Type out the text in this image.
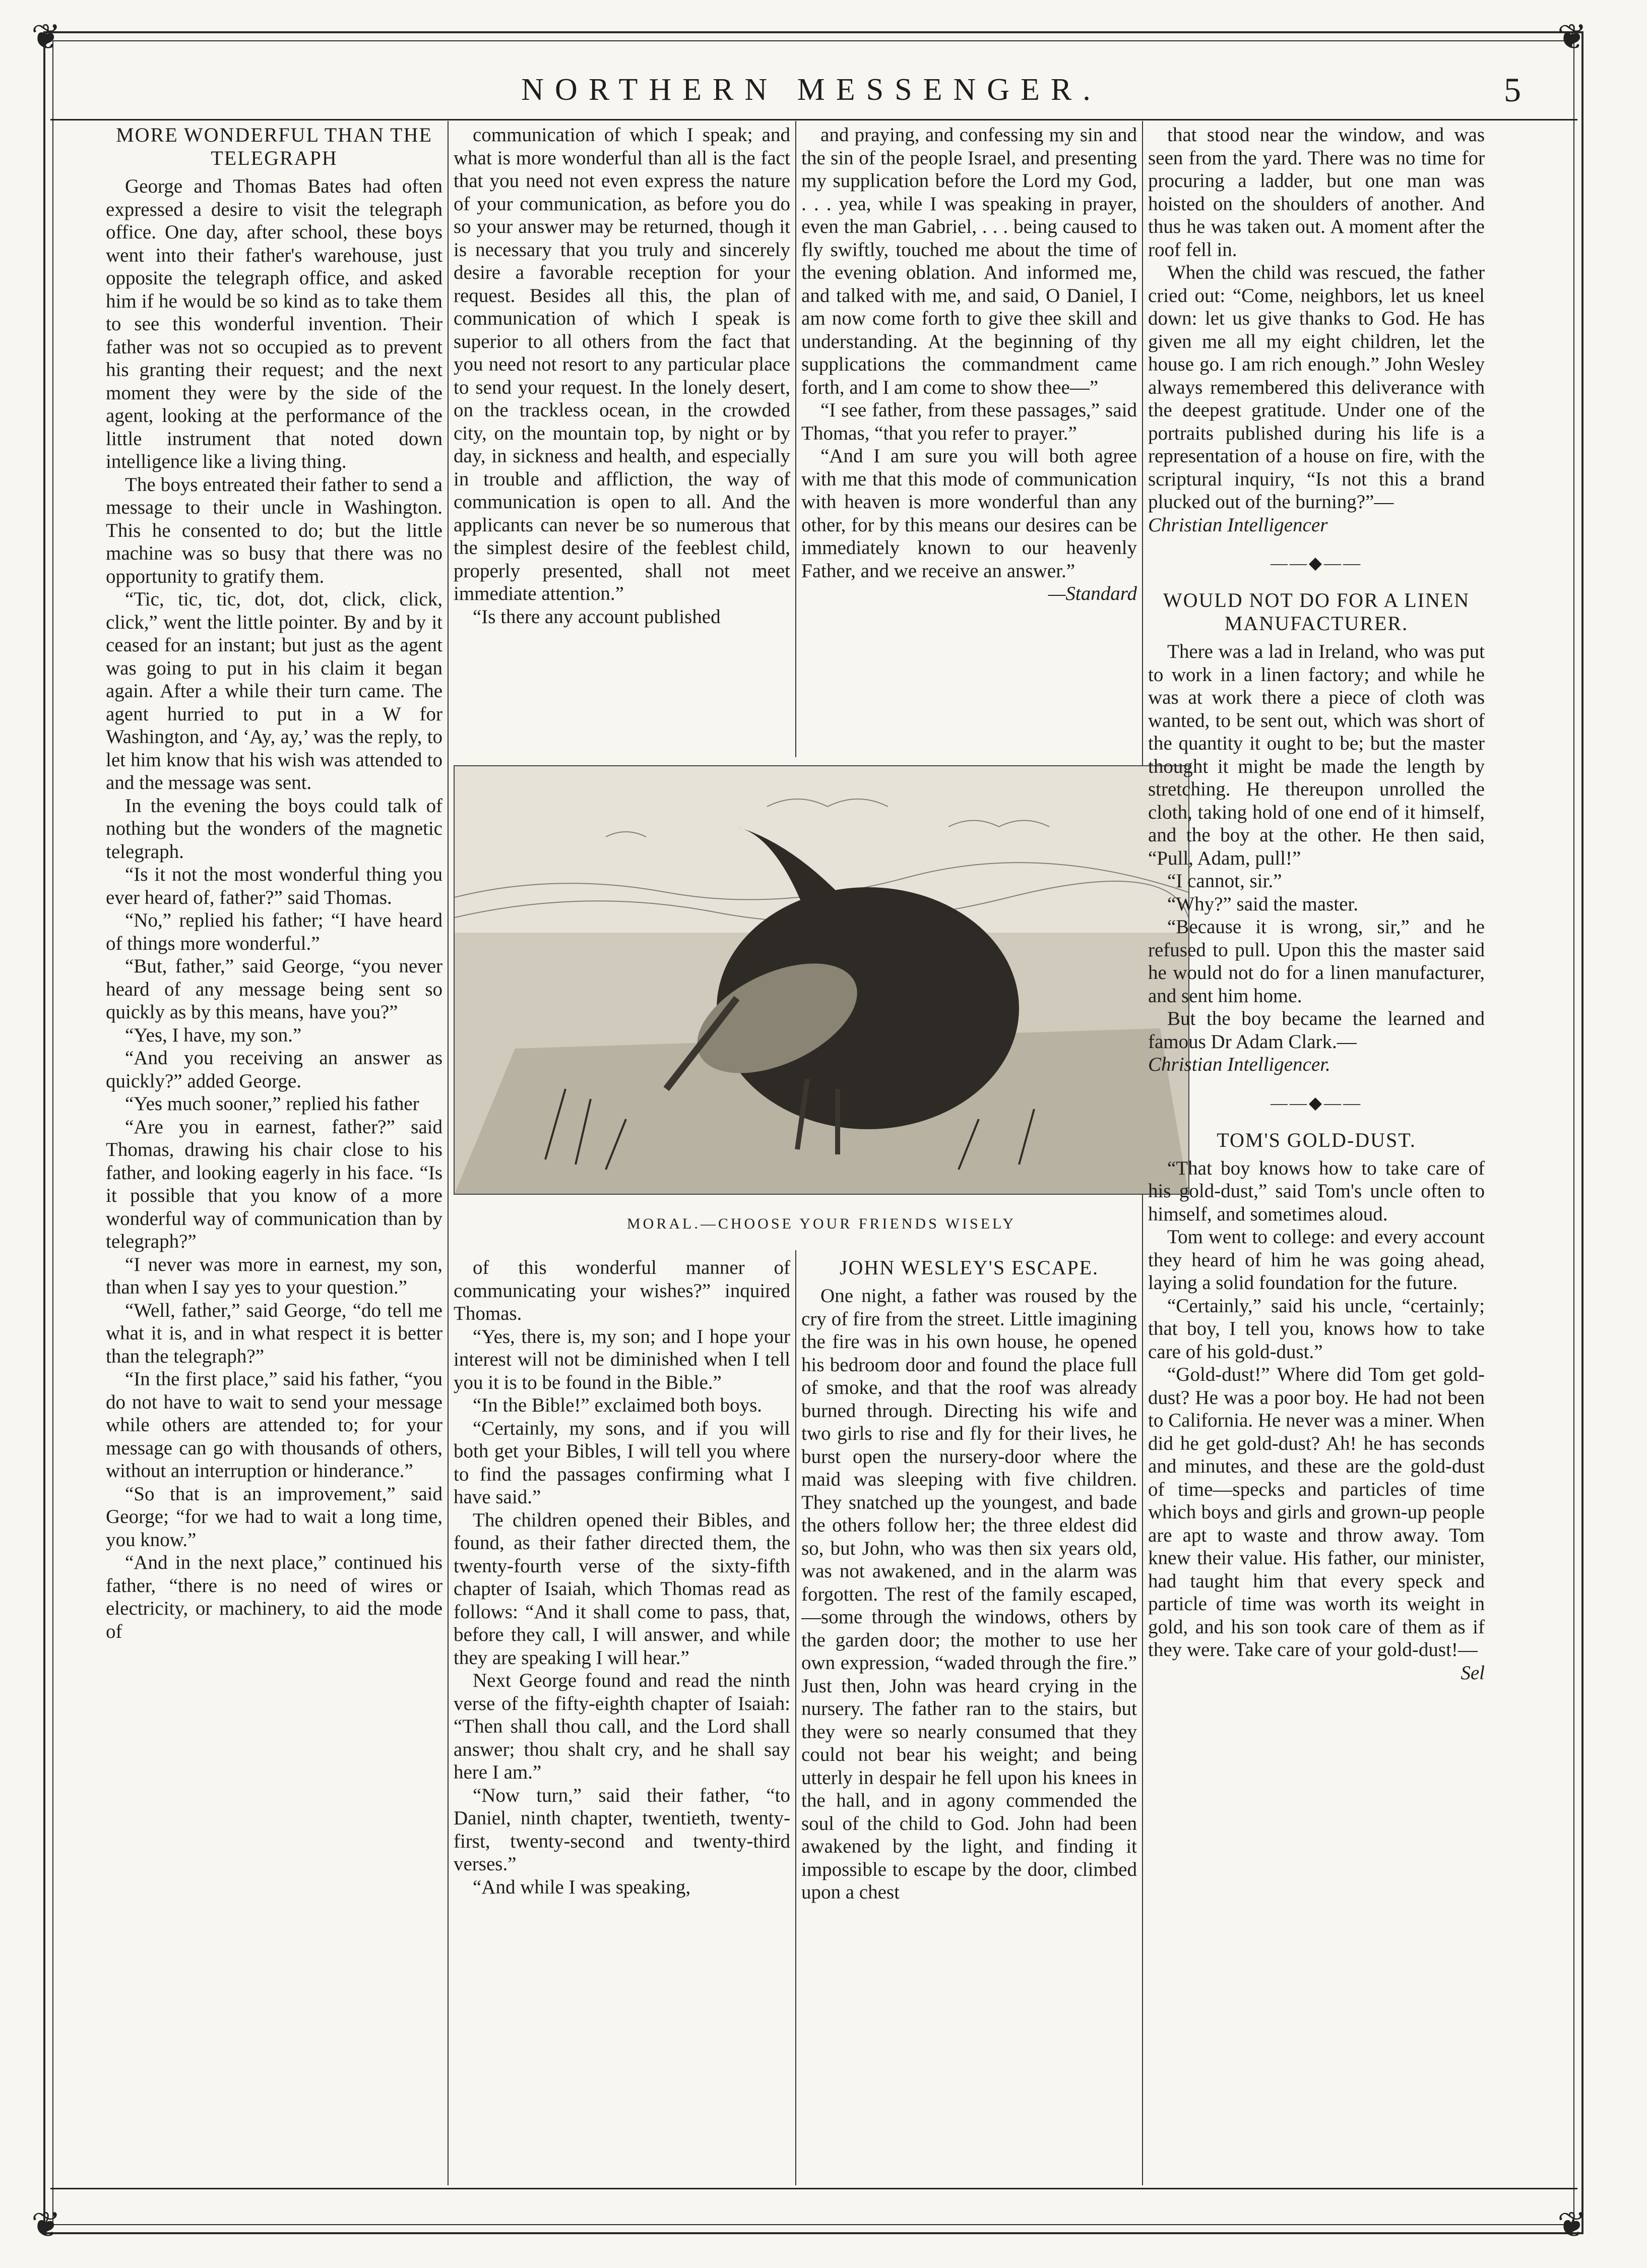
❦	❦
❦	❦
NORTHERN MESSENGER.	5
MORE WONDERFUL THAN THE TELEGRAPH

George and Thomas Bates had often expressed a desire to visit the telegraph office. One day, after school, these boys went into their father's warehouse, just opposite the telegraph office, and asked him if he would be so kind as to take them to see this wonderful invention. Their father was not so occupied as to prevent his granting their request; and the next moment they were by the side of the agent, looking at the performance of the little instrument that noted down intelligence like a living thing.

The boys entreated their father to send a message to their uncle in Washington. This he consented to do; but the little machine was so busy that there was no opportunity to gratify them.

“Tic, tic, tic, dot, dot, click, click, click,” went the little pointer. By and by it ceased for an instant; but just as the agent was going to put in his claim it began again. After a while their turn came. The agent hurried to put in a W for Washington, and ‘Ay, ay,’ was the reply, to let him know that his wish was attended to and the message was sent.

In the evening the boys could talk of nothing but the wonders of the magnetic telegraph.

“Is it not the most wonderful thing you ever heard of, father?” said Thomas.

“No,” replied his father; “I have heard of things more wonderful.”

“But, father,” said George, “you never heard of any message being sent so quickly as by this means, have you?”

“Yes, I have, my son.”

“And you receiving an answer as quickly?” added George.

“Yes much sooner,” replied his father

“Are you in earnest, father?” said Thomas, drawing his chair close to his father, and looking eagerly in his face. “Is it possible that you know of a more wonderful way of communication than by telegraph?”

“I never was more in earnest, my son, than when I say yes to your question.”

“Well, father,” said George, “do tell me what it is, and in what respect it is better than the telegraph?”

“In the first place,” said his father, “you do not have to wait to send your message while others are attended to; for your message can go with thousands of others, without an interruption or hinderance.”

“So that is an improvement,” said George; “for we had to wait a long time, you know.”

“And in the next place,” continued his father, “there is no need of wires or electricity, or machinery, to aid the mode of

communication of which I speak; and what is more wonderful than all is the fact that you need not even express the nature of your communication, as before you do so your answer may be returned, though it is necessary that you truly and sincerely desire a favorable reception for your request. Besides all this, the plan of communication of which I speak is superior to all others from the fact that you need not resort to any particular place to send your request. In the lonely desert, on the trackless ocean, in the crowded city, on the mountain top, by night or by day, in sickness and health, and especially in trouble and affliction, the way of communication is open to all. And the applicants can never be so numerous that the simplest desire of the feeblest child, properly presented, shall not meet immediate attention.”

“Is there any account published

and praying, and confessing my sin and the sin of the people Israel, and presenting my supplication before the Lord my God, . . . yea, while I was speaking in prayer, even the man Gabriel, . . . being caused to fly swiftly, touched me about the time of the evening oblation. And informed me, and talked with me, and said, O Daniel, I am now come forth to give thee skill and understanding. At the beginning of thy supplications the commandment came forth, and I am come to show thee—”

“I see father, from these passages,” said Thomas, “that you refer to prayer.”

“And I am sure you will both agree with me that this mode of communication with heaven is more wonderful than any other, for by this means our desires can be immediately known to our heavenly Father, and we receive an answer.”

—Standard

MORAL.—CHOOSE YOUR FRIENDS WISELY

of this wonderful manner of communicating your wishes?” inquired Thomas.

“Yes, there is, my son; and I hope your interest will not be diminished when I tell you it is to be found in the Bible.”

“In the Bible!” exclaimed both boys.

“Certainly, my sons, and if you will both get your Bibles, I will tell you where to find the passages confirming what I have said.”

The children opened their Bibles, and found, as their father directed them, the twenty-fourth verse of the sixty-fifth chapter of Isaiah, which Thomas read as follows: “And it shall come to pass, that, before they call, I will answer, and while they are speaking I will hear.”

Next George found and read the ninth verse of the fifty-eighth chapter of Isaiah: “Then shall thou call, and the Lord shall answer; thou shalt cry, and he shall say here I am.”

“Now turn,” said their father, “to Daniel, ninth chapter, twentieth, twenty-first, twenty-second and twenty-third verses.”

“And while I was speaking,

JOHN WESLEY'S ESCAPE.

One night, a father was roused by the cry of fire from the street. Little imagining the fire was in his own house, he opened his bedroom door and found the place full of smoke, and that the roof was already burned through. Directing his wife and two girls to rise and fly for their lives, he burst open the nursery-door where the maid was sleeping with five children. They snatched up the youngest, and bade the others follow her; the three eldest did so, but John, who was then six years old, was not awakened, and in the alarm was forgotten. The rest of the family escaped,—some through the windows, others by the garden door; the mother to use her own expression, “waded through the fire.” Just then, John was heard crying in the nursery. The father ran to the stairs, but they were so nearly consumed that they could not bear his weight; and being utterly in despair he fell upon his knees in the hall, and in agony commended the soul of the child to God. John had been awakened by the light, and finding it impossible to escape by the door, climbed upon a chest

that stood near the window, and was seen from the yard. There was no time for procuring a ladder, but one man was hoisted on the shoulders of another. And thus he was taken out. A moment after the roof fell in.

When the child was rescued, the father cried out: “Come, neighbors, let us kneel down: let us give thanks to God. He has given me all my eight children, let the house go. I am rich enough.” John Wesley always remembered this deliverance with the deepest gratitude. Under one of the portraits published during his life is a representation of a house on fire, with the scriptural inquiry, “Is not this a brand plucked out of the burning?”—

Christian Intelligencer

——◆——
WOULD NOT DO FOR A LINEN MANUFACTURER.

There was a lad in Ireland, who was put to work in a linen factory; and while he was at work there a piece of cloth was wanted, to be sent out, which was short of the quantity it ought to be; but the master thought it might be made the length by stretching. He thereupon unrolled the cloth, taking hold of one end of it himself, and the boy at the other. He then said, “Pull, Adam, pull!”

“I cannot, sir.”

“Why?” said the master.

“Because it is wrong, sir,” and he refused to pull. Upon this the master said he would not do for a linen manufacturer, and sent him home.

But the boy became the learned and famous Dr Adam Clark.—

Christian Intelligencer.

——◆——
TOM'S GOLD-DUST.

“That boy knows how to take care of his gold-dust,” said Tom's uncle often to himself, and sometimes aloud.

Tom went to college: and every account they heard of him he was going ahead, laying a solid foundation for the future.

“Certainly,” said his uncle, “certainly; that boy, I tell you, knows how to take care of his gold-dust.”

“Gold-dust!” Where did Tom get gold-dust? He was a poor boy. He had not been to California. He never was a miner. When did he get gold-dust? Ah! he has seconds and minutes, and these are the gold-dust of time—specks and particles of time which boys and girls and grown-up people are apt to waste and throw away. Tom knew their value. His father, our minister, had taught him that every speck and particle of time was worth its weight in gold, and his son took care of them as if they were. Take care of your gold-dust!—

Sel
